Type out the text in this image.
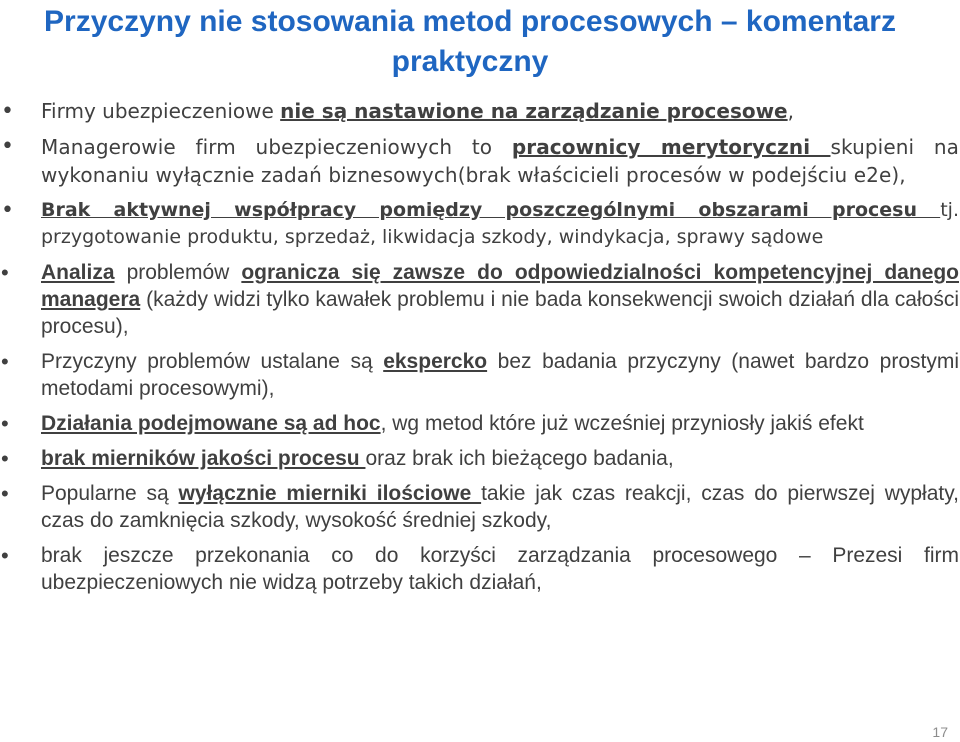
Przyczyny nie stosowania metod procesowych – komentarz praktyczny
• Firmy ubezpieczeniowe nie są nastawione na zarządzanie procesowe,
• Managerowie firm ubezpieczeniowych to pracownicy merytoryczni skupieni na wykonaniu wyłącznie zadań biznesowych(brak właścicieli procesów w podejściu e2e),
• Brak aktywnej współpracy pomiędzy poszczególnymi obszarami procesu tj. przygotowanie produktu, sprzedaż, likwidacja szkody, windykacja, sprawy sądowe
• Analiza problemów ogranicza się zawsze do odpowiedzialności kompetencyjnej danego managera (każdy widzi tylko kawałek problemu i nie bada konsekwencji swoich działań dla całości procesu),
• Przyczyny problemów ustalane są ekspercko bez badania przyczyny (nawet bardzo prostymi metodami procesowymi),
• Działania podejmowane są ad hoc, wg metod które już wcześniej przyniosły jakiś efekt
• brak mierników jakości procesu oraz brak ich bieżącego badania,
• Popularne są wyłącznie mierniki ilościowe takie jak czas reakcji, czas do pierwszej wypłaty, czas do zamknięcia szkody, wysokość średniej szkody,
• brak jeszcze przekonania co do korzyści zarządzania procesowego – Prezesi firm ubezpieczeniowych nie widzą potrzeby takich działań,
17
